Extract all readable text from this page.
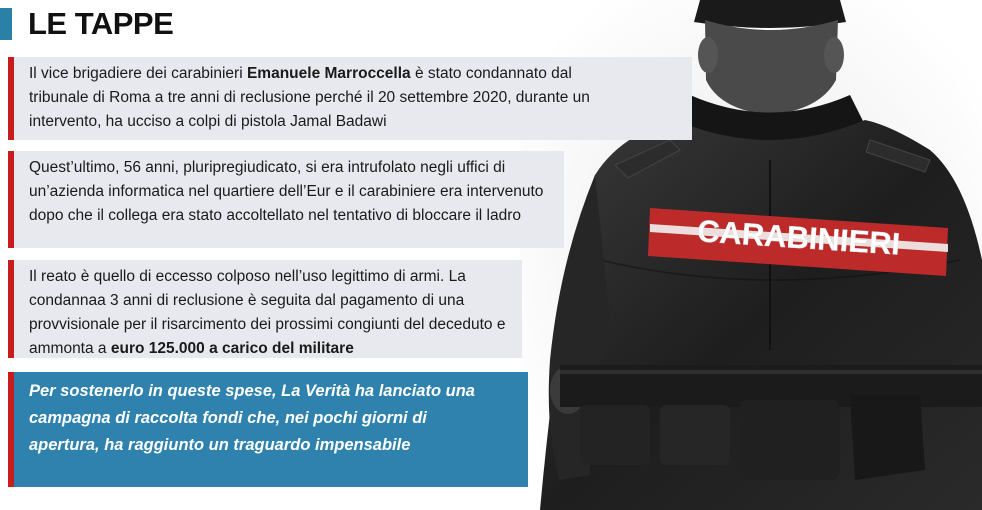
LE TAPPE
CARABINIERI
Il vice brigadiere dei carabinieri Emanuele Marroccella è stato condannato dal tribunale di Roma a tre anni di reclusione perché il 20 settembre 2020, durante un intervento, ha ucciso a colpi di pistola Jamal Badawi
Quest’ultimo, 56 anni, pluripregiudicato, si era intrufolato negli uffici di un’azienda informatica nel quartiere dell’Eur e il carabiniere era intervenuto dopo che il collega era stato accoltellato nel tentativo di bloccare il ladro
Il reato è quello di eccesso colposo nell’uso legittimo di armi. La condannaa 3 anni di reclusione è seguita dal pagamento di una provvisionale per il risarcimento dei prossimi congiunti del deceduto e ammonta a euro 125.000 a carico del militare
Per sostenerlo in queste spese, La Verità ha lanciato una campagna di raccolta fondi che, nei pochi giorni di apertura, ha raggiunto un traguardo impensabile
